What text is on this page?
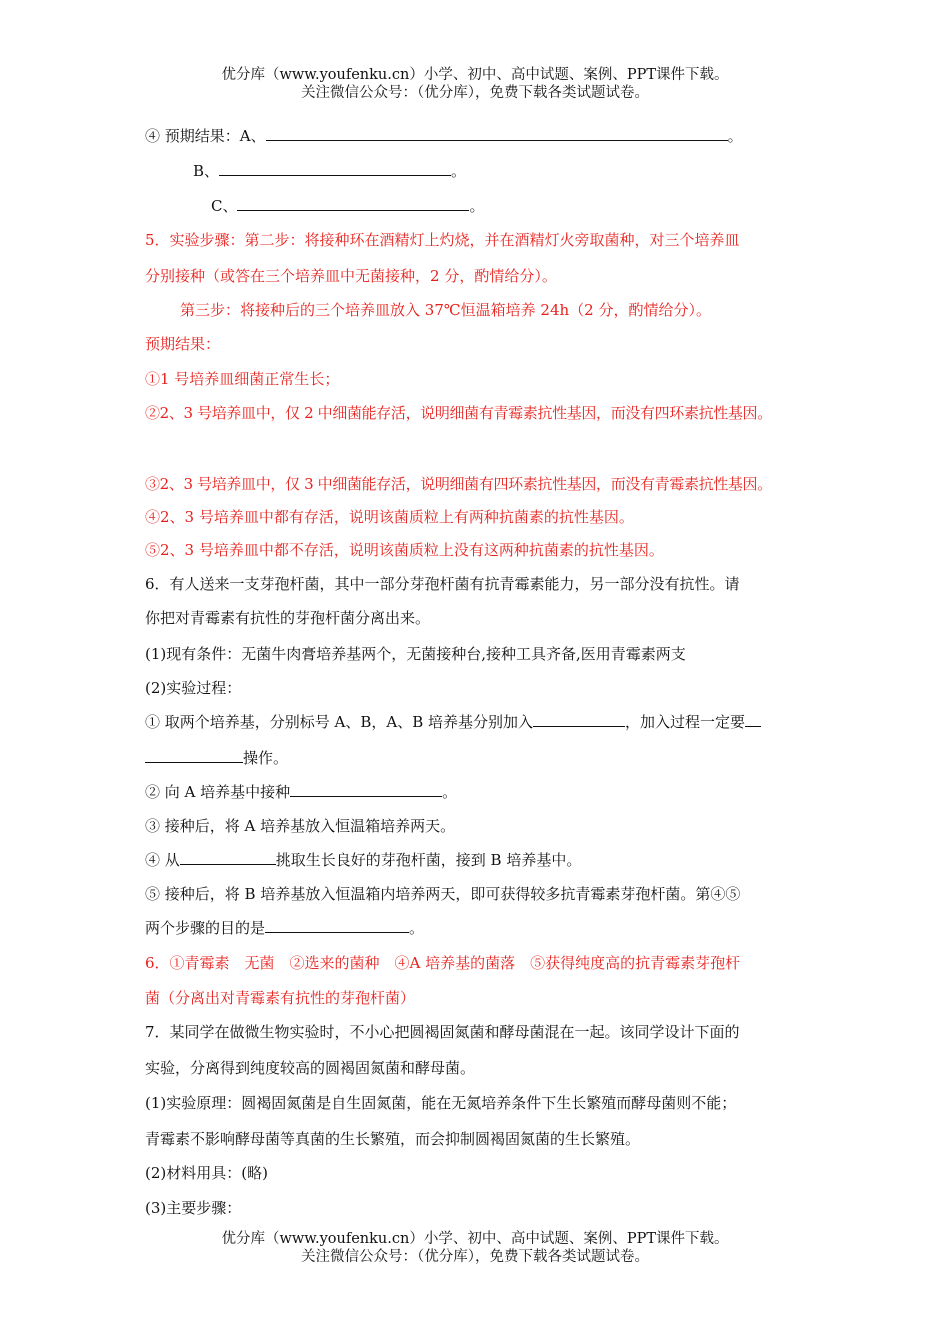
优分库（www.youfenku.cn）小学、初中、高中试题、案例、PPT课件下载。
关注微信公众号：（优分库），免费下载各类试题试卷。
④ 预期结果：A、	。
B、	。
C、	。
5．实验步骤：第二步：将接种环在酒精灯上灼烧，并在酒精灯火旁取菌种，对三个培养皿
分别接种（或答在三个培养皿中无菌接种，2 分，酌情给分）。
第三步：将接种后的三个培养皿放入 37℃恒温箱培养 24h（2 分，酌情给分）。
预期结果：
①1 号培养皿细菌正常生长；
②2、3 号培养皿中，仅 2 中细菌能存活，说明细菌有青霉素抗性基因，而没有四环素抗性基因。
③2、3 号培养皿中，仅 3 中细菌能存活，说明细菌有四环素抗性基因，而没有青霉素抗性基因。
④2、3 号培养皿中都有存活，说明该菌质粒上有两种抗菌素的抗性基因。
⑤2、3 号培养皿中都不存活，说明该菌质粒上没有这两种抗菌素的抗性基因。
6．有人送来一支芽孢杆菌，其中一部分芽孢杆菌有抗青霉素能力，另一部分没有抗性。请
你把对青霉素有抗性的芽孢杆菌分离出来。
(1)现有条件：无菌牛肉膏培养基两个，无菌接种台,接种工具齐备,医用青霉素两支
(2)实验过程：
① 取两个培养基，分别标号 A、B，A、B 培养基分别加入	，加入过程一定要
操作。
② 向 A 培养基中接种	。
③ 接种后，将 A 培养基放入恒温箱培养两天。
④ 从	挑取生长良好的芽孢杆菌，接到 B 培养基中。
⑤ 接种后，将 B 培养基放入恒温箱内培养两天，即可获得较多抗青霉素芽孢杆菌。第④⑤
两个步骤的目的是	。
6．①青霉素　无菌　②选来的菌种　④A 培养基的菌落　⑤获得纯度高的抗青霉素芽孢杆
菌（分离出对青霉素有抗性的芽孢杆菌）
7．某同学在做微生物实验时，不小心把圆褐固氮菌和酵母菌混在一起。该同学设计下面的
实验，分离得到纯度较高的圆褐固氮菌和酵母菌。
(1)实验原理：圆褐固氮菌是自生固氮菌，能在无氮培养条件下生长繁殖而酵母菌则不能；
青霉素不影响酵母菌等真菌的生长繁殖，而会抑制圆褐固氮菌的生长繁殖。
(2)材料用具：(略)
(3)主要步骤：
优分库（www.youfenku.cn）小学、初中、高中试题、案例、PPT课件下载。
关注微信公众号：（优分库），免费下载各类试题试卷。
